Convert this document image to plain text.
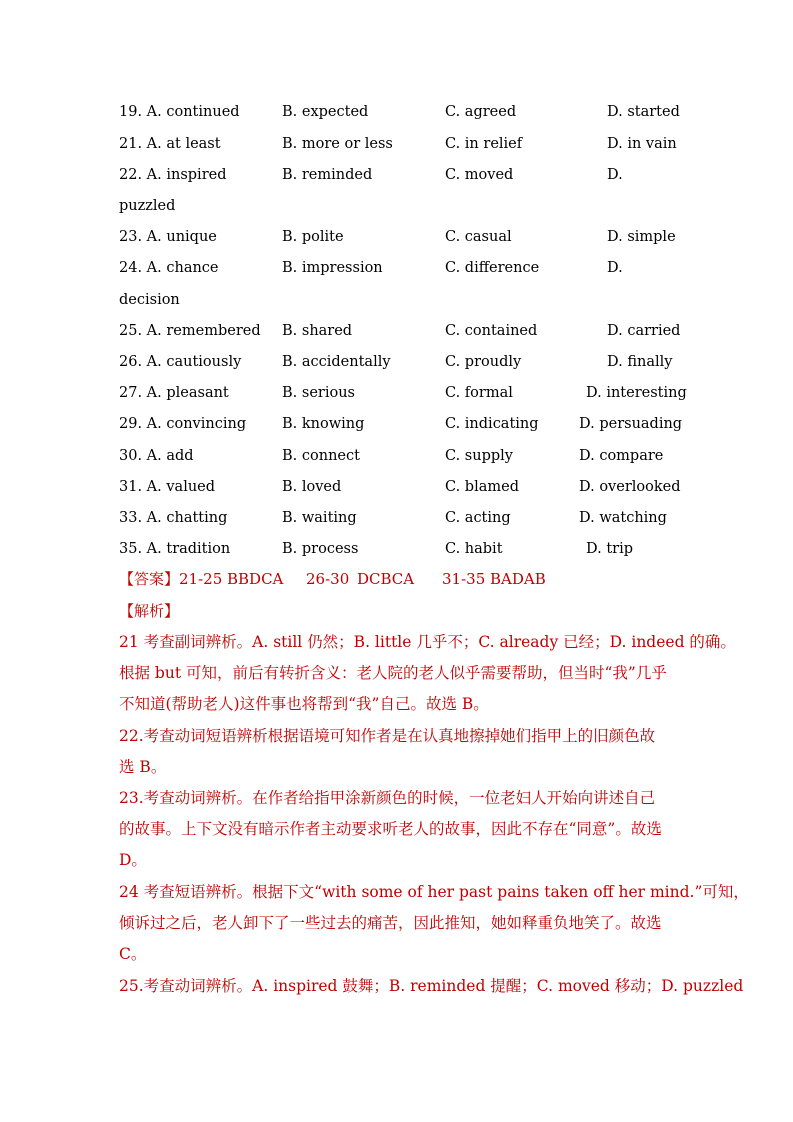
19. A. continued	B. expected	C. agreed	D. started
21. A. at least	B. more or less	C. in relief	D. in vain
22. A. inspired	B. reminded	C. moved	D.
puzzled
23. A. unique	B. polite	C. casual	D. simple
24. A. chance	B. impression	C. difference	D.
decision
25. A. remembered B. shared	C. contained	D. carried
26. A. cautiously	B. accidentally	C. proudly	D. finally
27. A. pleasant	B. serious	C. formal	D. interesting
29. A. convincing B. knowing	C. indicating	D. persuading
30. A. add	B. connect	C. supply	D. compare
31. A. valued	B. loved	C. blamed	D. overlooked
33. A. chatting	B. waiting	C. acting	D. watching
35. A. tradition	B. process	C. habit	D. trip
【答案】 21-25 BBDCA 26-30 DCBCA 31-35 BADAB
【解析】
21 考查副词辨析。A. still 仍然；B. little 几乎不；C. already 已经；D. indeed 的确。
根据 but 可知，前后有转折含义：老人院的老人似乎需要帮助，但当时“我”几乎
不知道(帮助老人)这件事也将帮到“我”自己。故选 B。
22.考查动词短语辨析根据语境可知作者是在认真地擦掉她们指甲上的旧颜色故
选 B。
23.考查动词辨析。在作者给指甲涂新颜色的时候，一位老妇人开始向讲述自己
的故事。上下文没有暗示作者主动要求听老人的故事，因此不存在“同意”。故选
D。
24 考查短语辨析。根据下文“with some of her past pains taken off her mind.”可知，
倾诉过之后，老人卸下了一些过去的痛苦，因此推知，她如释重负地笑了。故选
C。
25.考查动词辨析。A. inspired 鼓舞；B. reminded 提醒；C. moved 移动；D. puzzled
